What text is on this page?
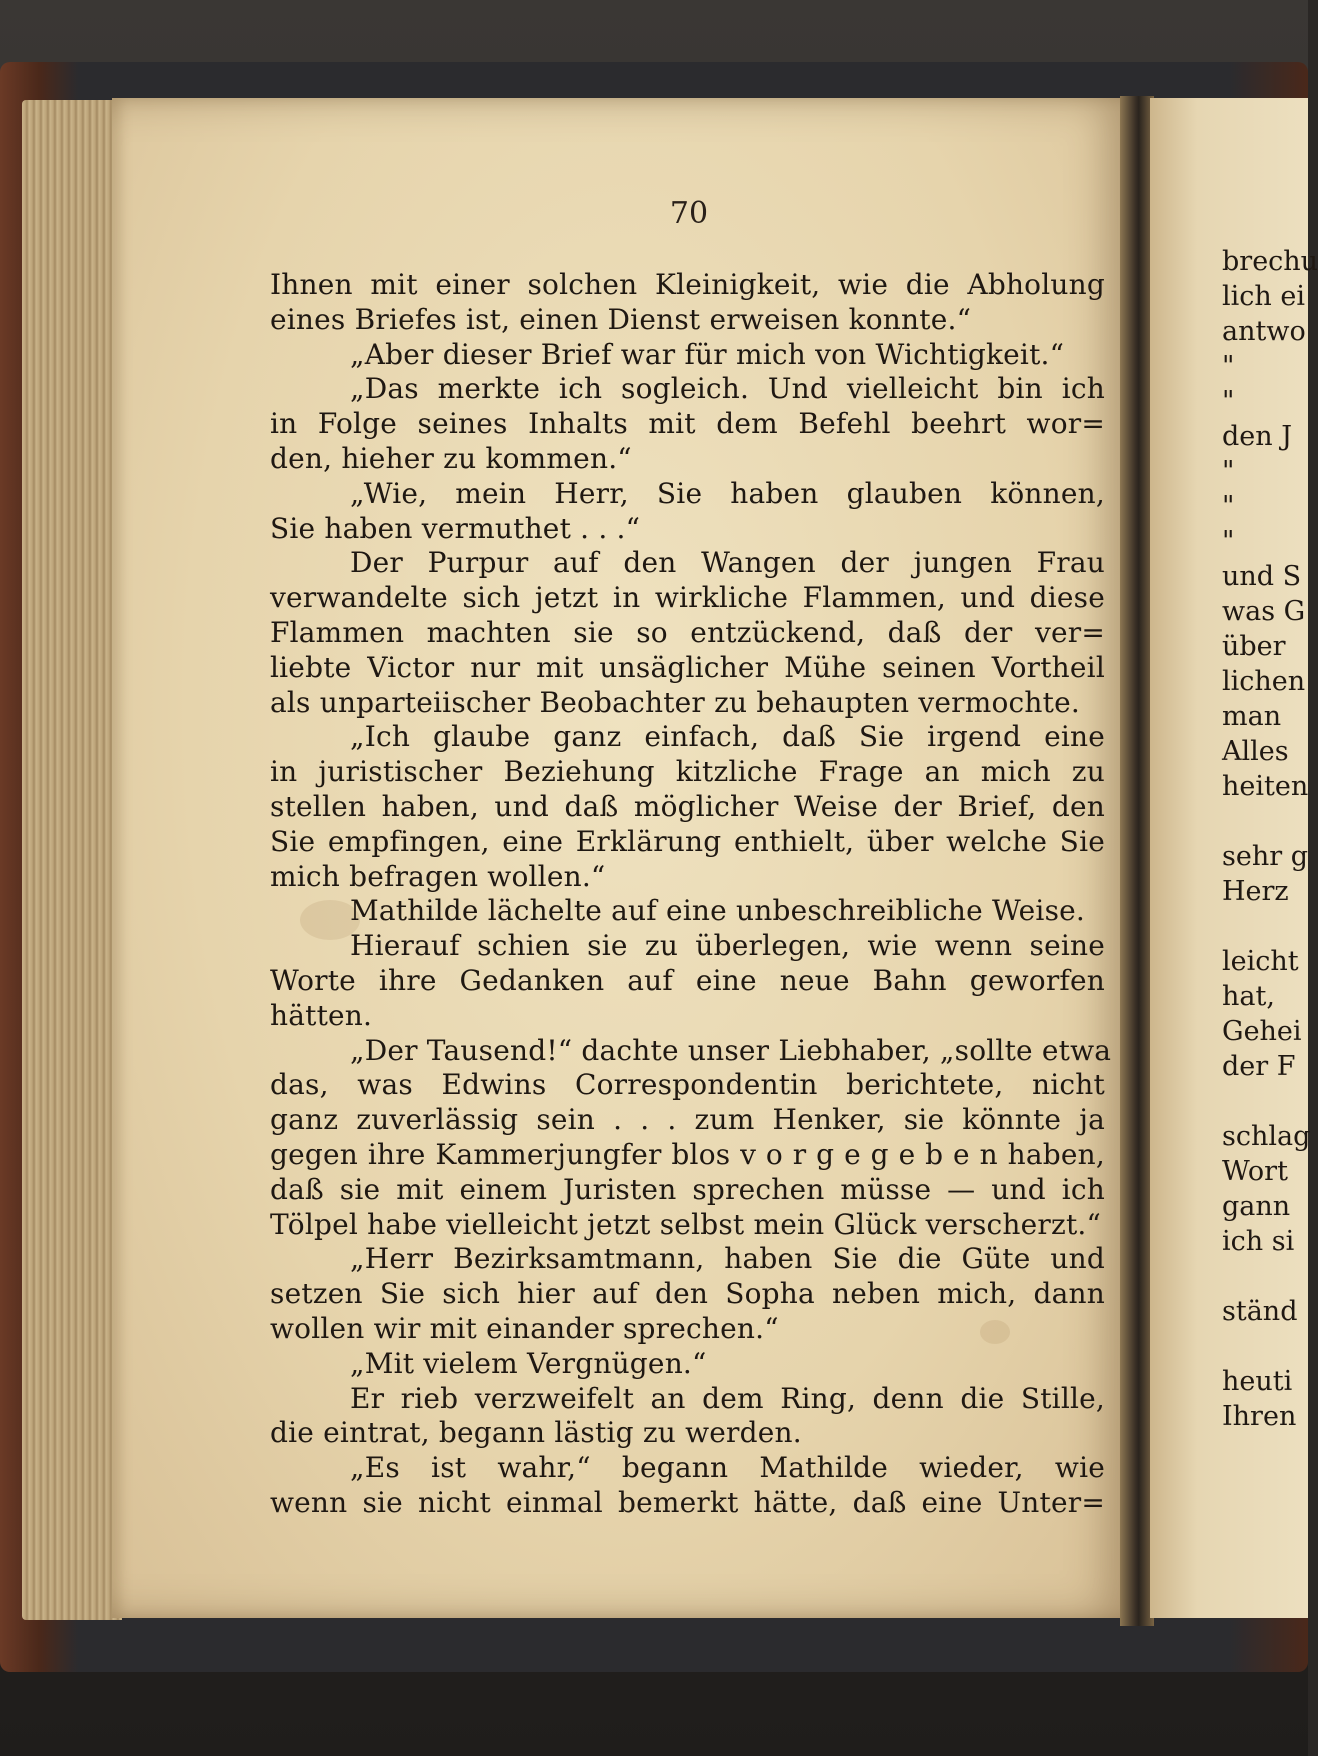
70
Ihnen mit einer solchen Kleinigkeit, wie die Abholung
eines Briefes ist, einen Dienst erweisen konnte.“
„Aber dieser Brief war für mich von Wichtigkeit.“
„Das merkte ich sogleich. Und vielleicht bin ich
in Folge seines Inhalts mit dem Befehl beehrt wor=
den, hieher zu kommen.“
„Wie, mein Herr, Sie haben glauben können,
Sie haben vermuthet . . .“
Der Purpur auf den Wangen der jungen Frau
verwandelte sich jetzt in wirkliche Flammen, und diese
Flammen machten sie so entzückend, daß der ver=
liebte Victor nur mit unsäglicher Mühe seinen Vortheil
als unparteiischer Beobachter zu behaupten vermochte.
„Ich glaube ganz einfach, daß Sie irgend eine
in juristischer Beziehung kitzliche Frage an mich zu
stellen haben, und daß möglicher Weise der Brief, den
Sie empfingen, eine Erklärung enthielt, über welche Sie
mich befragen wollen.“
Mathilde lächelte auf eine unbeschreibliche Weise.
Hierauf schien sie zu überlegen, wie wenn seine
Worte ihre Gedanken auf eine neue Bahn geworfen
hätten.
„Der Tausend!“ dachte unser Liebhaber, „sollte etwa
das, was Edwins Correspondentin berichtete, nicht
ganz zuverlässig sein . . . zum Henker, sie könnte ja
gegen ihre Kammerjungfer blos v o r g e g e b e n haben,
daß sie mit einem Juristen sprechen müsse — und ich
Tölpel habe vielleicht jetzt selbst mein Glück verscherzt.“
„Herr Bezirksamtmann, haben Sie die Güte und
setzen Sie sich hier auf den Sopha neben mich, dann
wollen wir mit einander sprechen.“
„Mit vielem Vergnügen.“
Er rieb verzweifelt an dem Ring, denn die Stille,
die eintrat, begann lästig zu werden.
„Es ist wahr,“ begann Mathilde wieder, wie
wenn sie nicht einmal bemerkt hätte, daß eine Unter=
brechu
lich ei
antwo
"
"
den J
"
"
"
und S
was G
über
lichen
man
Alles
heiten
sehr g
Herz
leicht
hat,
Gehei
der F
schlag
Wort
gann
ich si
ständ
heuti
Ihren
